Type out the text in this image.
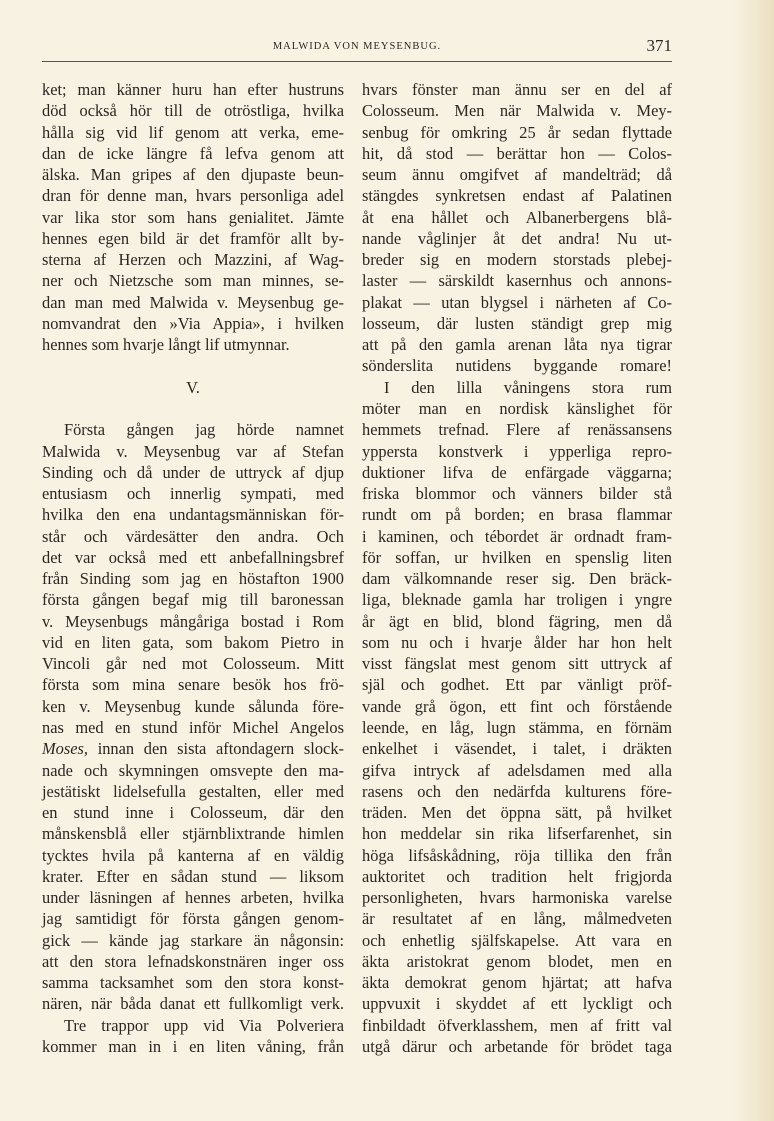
MALWIDA VON MEYSENBUG.	371
ket; man känner huru han efter hustruns
död också hör till de otröstliga, hvilka
hålla sig vid lif genom att verka, eme-
dan de icke längre få lefva genom att
älska. Man gripes af den djupaste beun-
dran för denne man, hvars personliga adel
var lika stor som hans genialitet. Jämte
hennes egen bild är det framför allt by-
sterna af Herzen och Mazzini, af Wag-
ner och Nietzsche som man minnes, se-
dan man med Malwida v. Meysenbug ge-
nomvandrat den »Via Appia», i hvilken
hennes som hvarje långt lif utmynnar.
V.
Första gången jag hörde namnet
Malwida v. Meysenbug var af Stefan
Sinding och då under de uttryck af djup
entusiasm och innerlig sympati, med
hvilka den ena undantagsmänniskan för-
står och värdesätter den andra. Och
det var också med ett anbefallningsbref
från Sinding som jag en höstafton 1900
första gången begaf mig till baronessan
v. Meysenbugs mångåriga bostad i Rom
vid en liten gata, som bakom Pietro in
Vincoli går ned mot Colosseum. Mitt
första som mina senare besök hos frö-
ken v. Meysenbug kunde sålunda före-
nas med en stund inför Michel Angelos
Moses, innan den sista aftondagern slock-
nade och skymningen omsvepte den ma-
jestätiskt lidelsefulla gestalten, eller med
en stund inne i Colosseum, där den
månskensblå eller stjärnblixtrande himlen
tycktes hvila på kanterna af en väldig
krater. Efter en sådan stund — liksom
under läsningen af hennes arbeten, hvilka
jag samtidigt för första gången genom-
gick — kände jag starkare än någonsin:
att den stora lefnadskonstnären inger oss
samma tacksamhet som den stora konst-
nären, när båda danat ett fullkomligt verk.
Tre trappor upp vid Via Polveriera
kommer man in i en liten våning, från
hvars fönster man ännu ser en del af
Colosseum. Men när Malwida v. Mey-
senbug för omkring 25 år sedan flyttade
hit, då stod — berättar hon — Colos-
seum ännu omgifvet af mandelträd; då
stängdes synkretsen endast af Palatinen
åt ena hållet och Albanerbergens blå-
nande våglinjer åt det andra! Nu ut-
breder sig en modern storstads plebej-
laster — särskildt kasernhus och annons-
plakat — utan blygsel i närheten af Co-
losseum, där lusten ständigt grep mig
att på den gamla arenan låta nya tigrar
sönderslita nutidens byggande romare!
I den lilla våningens stora rum
möter man en nordisk känslighet för
hemmets trefnad. Flere af renässansens
yppersta konstverk i ypperliga repro-
duktioner lifva de enfärgade väggarna;
friska blommor och vänners bilder stå
rundt om på borden; en brasa flammar
i kaminen, och tébordet är ordnadt fram-
för soffan, ur hvilken en spenslig liten
dam välkomnande reser sig. Den bräck-
liga, bleknade gamla har troligen i yngre
år ägt en blid, blond fägring, men då
som nu och i hvarje ålder har hon helt
visst fängslat mest genom sitt uttryck af
själ och godhet. Ett par vänligt pröf-
vande grå ögon, ett fint och förstående
leende, en låg, lugn stämma, en förnäm
enkelhet i väsendet, i talet, i dräkten
gifva intryck af adelsdamen med alla
rasens och den nedärfda kulturens före-
träden. Men det öppna sätt, på hvilket
hon meddelar sin rika lifserfarenhet, sin
höga lifsåskådning, röja tillika den från
auktoritet och tradition helt frigjorda
personligheten, hvars harmoniska varelse
är resultatet af en lång, målmedveten
och enhetlig själfskapelse. Att vara en
äkta aristokrat genom blodet, men en
äkta demokrat genom hjärtat; att hafva
uppvuxit i skyddet af ett lyckligt och
finbildadt öfverklasshem, men af fritt val
utgå därur och arbetande för brödet taga
